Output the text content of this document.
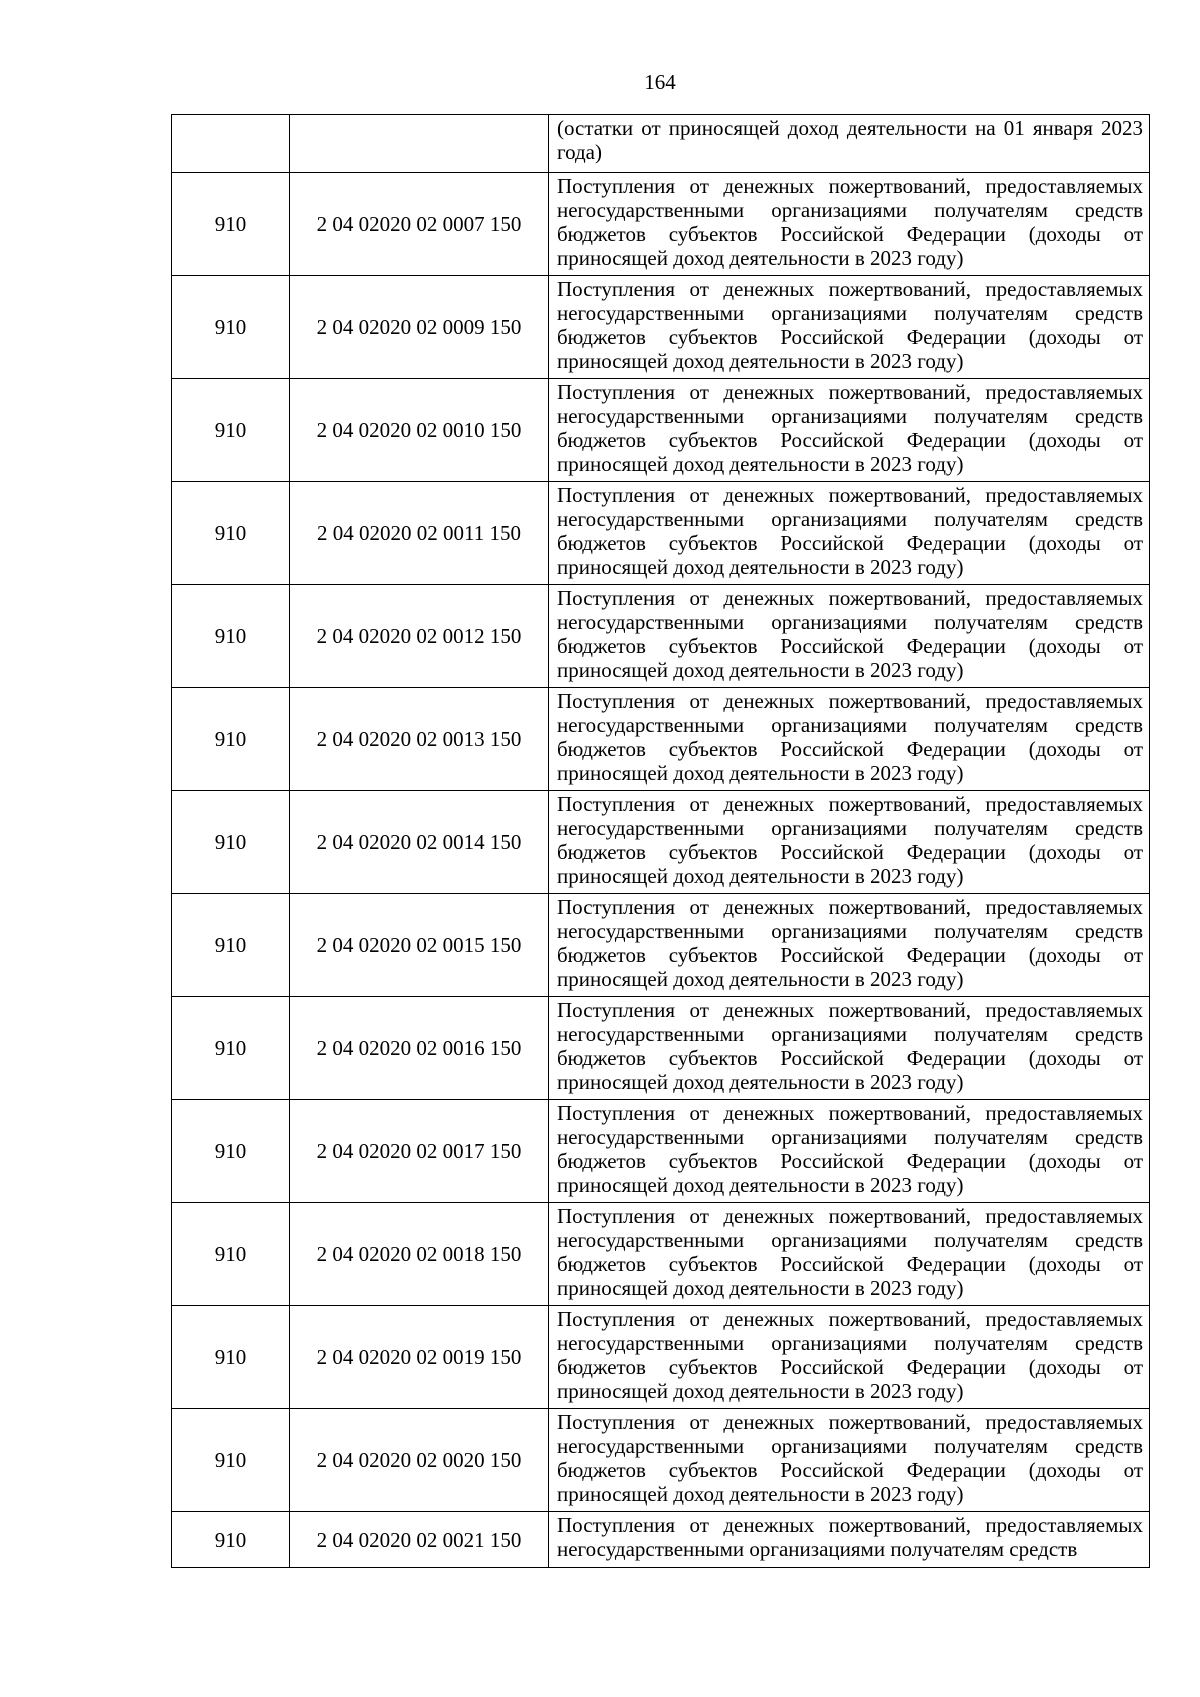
164
		(остатки от приносящей доход деятельности на 01 января 2023 года)
910	2 04 02020 02 0007 150	Поступления от денежных пожертвований, предоставляемых негосударственными организациями получателям средств бюджетов субъектов Российской Федерации (доходы от приносящей доход деятельности в 2023 году)
910	2 04 02020 02 0009 150	Поступления от денежных пожертвований, предоставляемых негосударственными организациями получателям средств бюджетов субъектов Российской Федерации (доходы от приносящей доход деятельности в 2023 году)
910	2 04 02020 02 0010 150	Поступления от денежных пожертвований, предоставляемых негосударственными организациями получателям средств бюджетов субъектов Российской Федерации (доходы от приносящей доход деятельности в 2023 году)
910	2 04 02020 02 0011 150	Поступления от денежных пожертвований, предоставляемых негосударственными организациями получателям средств бюджетов субъектов Российской Федерации (доходы от приносящей доход деятельности в 2023 году)
910	2 04 02020 02 0012 150	Поступления от денежных пожертвований, предоставляемых негосударственными организациями получателям средств бюджетов субъектов Российской Федерации (доходы от приносящей доход деятельности в 2023 году)
910	2 04 02020 02 0013 150	Поступления от денежных пожертвований, предоставляемых негосударственными организациями получателям средств бюджетов субъектов Российской Федерации (доходы от приносящей доход деятельности в 2023 году)
910	2 04 02020 02 0014 150	Поступления от денежных пожертвований, предоставляемых негосударственными организациями получателям средств бюджетов субъектов Российской Федерации (доходы от приносящей доход деятельности в 2023 году)
910	2 04 02020 02 0015 150	Поступления от денежных пожертвований, предоставляемых негосударственными организациями получателям средств бюджетов субъектов Российской Федерации (доходы от приносящей доход деятельности в 2023 году)
910	2 04 02020 02 0016 150	Поступления от денежных пожертвований, предоставляемых негосударственными организациями получателям средств бюджетов субъектов Российской Федерации (доходы от приносящей доход деятельности в 2023 году)
910	2 04 02020 02 0017 150	Поступления от денежных пожертвований, предоставляемых негосударственными организациями получателям средств бюджетов субъектов Российской Федерации (доходы от приносящей доход деятельности в 2023 году)
910	2 04 02020 02 0018 150	Поступления от денежных пожертвований, предоставляемых негосударственными организациями получателям средств бюджетов субъектов Российской Федерации (доходы от приносящей доход деятельности в 2023 году)
910	2 04 02020 02 0019 150	Поступления от денежных пожертвований, предоставляемых негосударственными организациями получателям средств бюджетов субъектов Российской Федерации (доходы от приносящей доход деятельности в 2023 году)
910	2 04 02020 02 0020 150	Поступления от денежных пожертвований, предоставляемых негосударственными организациями получателям средств бюджетов субъектов Российской Федерации (доходы от приносящей доход деятельности в 2023 году)
910	2 04 02020 02 0021 150	Поступления от денежных пожертвований, предоставляемых негосударственными организациями получателям средств
